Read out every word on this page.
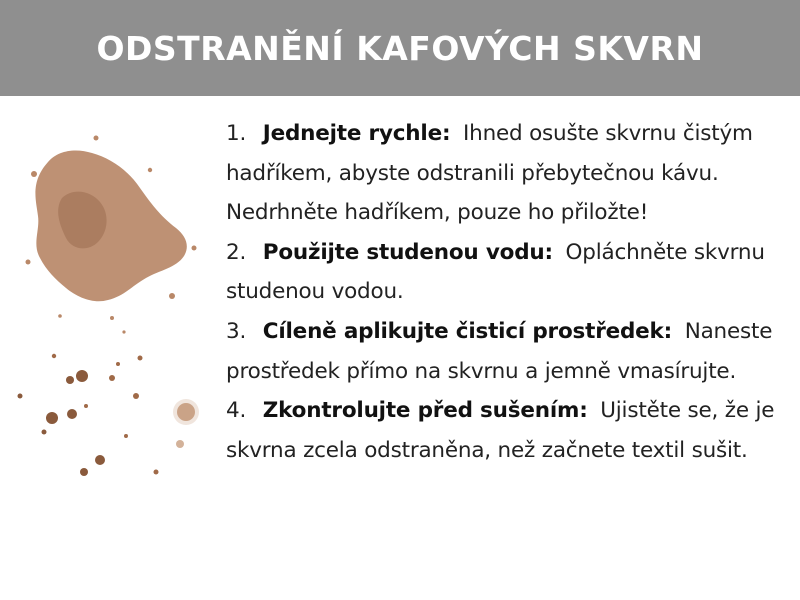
ODSTRANĚNÍ KAFOVÝCH SKVRN

1. Jednejte rychle: Ihned osušte skvrnu čistým hadříkem, abyste odstranili přebytečnou kávu. Nedrhněte hadříkem, pouze ho přiložte!

2. Použijte studenou vodu: Opláchněte skvrnu studenou vodou.

3. Cíleně aplikujte čisticí prostředek: Naneste prostředek přímo na skvrnu a jemně vmasírujte.

4. Zkontrolujte před sušením: Ujistěte se, že je skvrna zcela odstraněna, než začnete textil sušit.
